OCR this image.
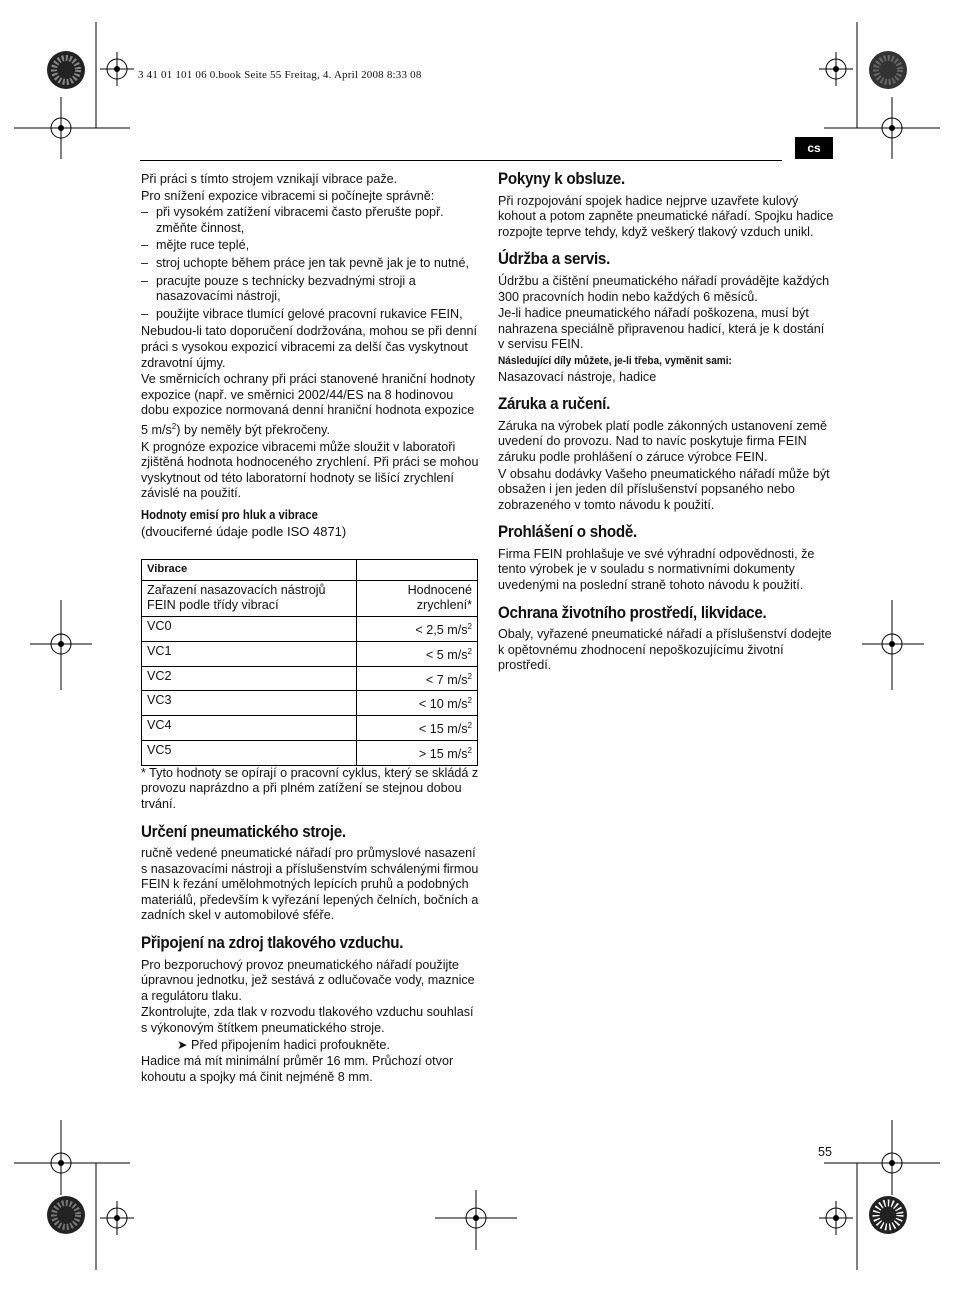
3 41 01 101 06 0.book Seite 55 Freitag, 4. April 2008 8:33 08
cs

Při práci s tímto strojem vznikají vibrace paže.

Pro snížení expozice vibracemi si počínejte správně:

– při vysokém zatížení vibracemi často přerušte popř. změňte činnost,
– mějte ruce teplé,
– stroj uchopte během práce jen tak pevně jak je to nutné,
– pracujte pouze s technicky bezvadnými stroji a nasazovacími nástroji,
– použijte vibrace tlumící gelové pracovní rukavice FEIN,

Nebudou-li tato doporučení dodržována, mohou se při denní práci s vysokou expozicí vibracemi za delší čas vyskytnout zdravotní újmy.

Ve směrnicích ochrany při práci stanovené hraniční hodnoty expozice (např. ve směrnici 2002/44/ES na 8 hodinovou dobu expozice normovaná denní hraniční hodnota expozice 5 $m/s^2$) by neměly být překročeny.

K prognóze expozice vibracemi může sloužit v laboratoři zjištěná hodnota hodnoceného zrychlení. Při práci se mohou vyskytnout od této laboratorní hodnoty se lišící zrychlení závislé na použití.

Hodnoty emisí pro hluk a vibrace
(dvouciferné údaje podle ISO 4871)
Vibrace	
Zařazení nasazovacích nástrojů FEIN podle třídy vibrací	Hodnocené zrychlení*
VC0	< 2,5 $m/s^2$
VC1	< 5 $m/s^2$
VC2	< 7 $m/s^2$
VC3	< 10 $m/s^2$
VC4	< 15 $m/s^2$
VC5	> 15 $m/s^2$

* Tyto hodnoty se opírají o pracovní cyklus, který se skládá z provozu naprázdno a při plném zatížení se stejnou dobou trvání.

Určení pneumatického stroje.

ručně vedené pneumatické nářadí pro průmyslové nasazení s nasazovacími nástroji a příslušenstvím schválenými firmou FEIN k řezání umělohmotných lepících pruhů a podobných materiálů, především k vyřezání lepených čelních, bočních a zadních skel v automobilové sféře.

Připojení na zdroj tlakového vzduchu.

Pro bezporuchový provoz pneumatického nářadí použijte úpravnou jednotku, jež sestává z odlučovače vody, maznice a regulátoru tlaku.

Zkontrolujte, zda tlak v rozvodu tlakového vzduchu souhlasí s výkonovým štítkem pneumatického stroje.

➤ Před připojením hadici profoukněte.

Hadice má mít minimální průměr 16 mm. Průchozí otvor kohoutu a spojky má činit nejméně 8 mm.

Pokyny k obsluze.

Při rozpojování spojek hadice nejprve uzavřete kulový kohout a potom zapněte pneumatické nářadí. Spojku hadice rozpojte teprve tehdy, když veškerý tlakový vzduch unikl.

Údržba a servis.

Údržbu a čištění pneumatického nářadí provádějte každých 300 pracovních hodin nebo každých 6 měsíců.

Je-li hadice pneumatického nářadí poškozena, musí být nahrazena speciálně připravenou hadicí, která je k dostání v servisu FEIN.

Následující díly můžete, je-li třeba, vyměnit sami:

Nasazovací nástroje, hadice

Záruka a ručení.

Záruka na výrobek platí podle zákonných ustanovení země uvedení do provozu. Nad to navíc poskytuje firma FEIN záruku podle prohlášení o záruce výrobce FEIN.

V obsahu dodávky Vašeho pneumatického nářadí může být obsažen i jen jeden díl příslušenství popsaného nebo zobrazeného v tomto návodu k použití.

Prohlášení o shodě.

Firma FEIN prohlašuje ve své výhradní odpovědnosti, že tento výrobek je v souladu s normativními dokumenty uvedenými na poslední straně tohoto návodu k použití.

Ochrana životního prostředí, likvidace.

Obaly, vyřazené pneumatické nářadí a příslušenství dodejte k opětovnému zhodnocení nepoškozujícímu životní prostředí.

55
